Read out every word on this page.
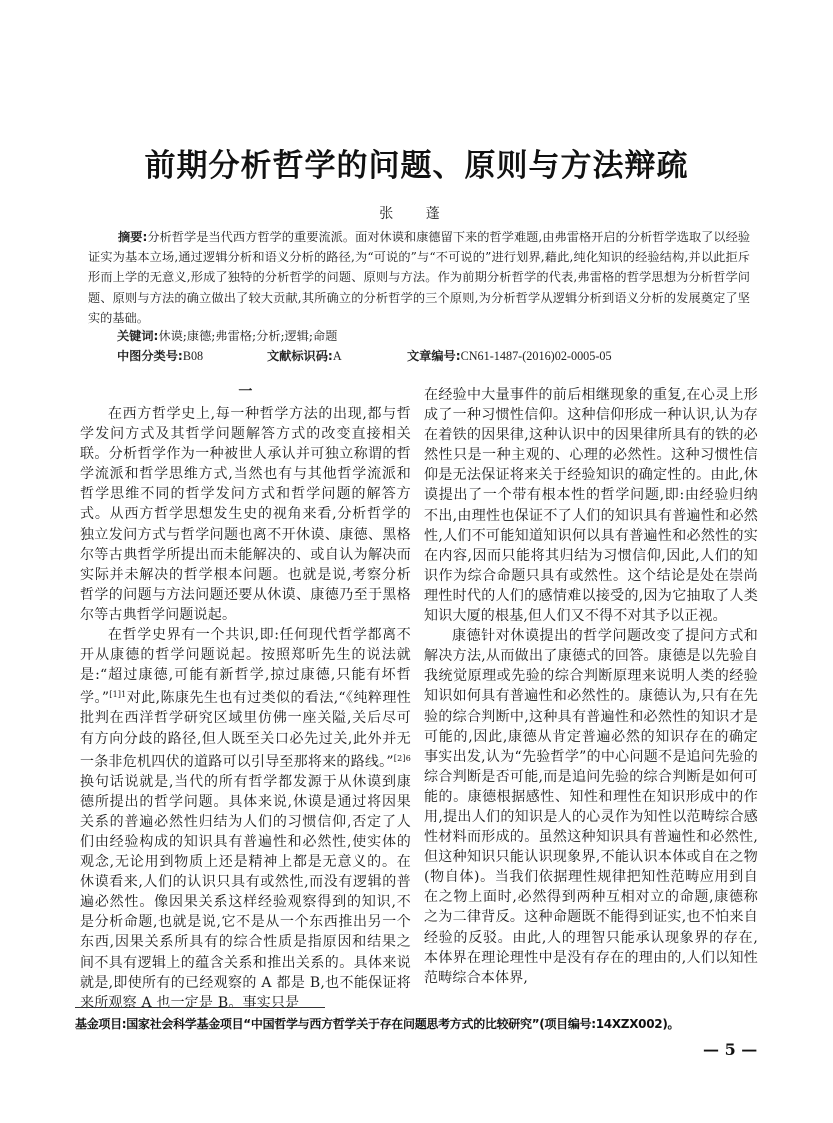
前期分析哲学的问题、原则与方法辩疏
张 蓬
摘要:分析哲学是当代西方哲学的重要流派。面对休谟和康德留下来的哲学难题,由弗雷格开启的分析哲学选取了以经验证实为基本立场,通过逻辑分析和语义分析的路径,为“可说的”与“不可说的”进行划界,藉此,纯化知识的经验结构,并以此拒斥形而上学的无意义,形成了独特的分析哲学的问题、原则与方法。作为前期分析哲学的代表,弗雷格的哲学思想为分析哲学问题、原则与方法的确立做出了较大贡献,其所确立的分析哲学的三个原则,为分析哲学从逻辑分析到语义分析的发展奠定了坚实的基础。
关键词:休谟;康德;弗雷格;分析;逻辑;命题
中图分类号:B08	文献标识码:A	文章编号:CN61-1487-(2016)02-0005-05

一

在西方哲学史上,每一种哲学方法的出现,都与哲学发问方式及其哲学问题解答方式的改变直接相关联。分析哲学作为一种被世人承认并可独立称谓的哲学流派和哲学思维方式,当然也有与其他哲学流派和哲学思维不同的哲学发问方式和哲学问题的解答方式。从西方哲学思想发生史的视角来看,分析哲学的独立发问方式与哲学问题也离不开休谟、康德、黑格尔等古典哲学所提出而未能解决的、或自认为解决而实际并未解决的哲学根本问题。也就是说,考察分析哲学的问题与方法问题还要从休谟、康德乃至于黑格尔等古典哲学问题说起。

在哲学史界有一个共识,即:任何现代哲学都离不开从康德的哲学问题说起。按照郑昕先生的说法就是:“超过康德,可能有新哲学,掠过康德,只能有坏哲学。”$^{[1]1}$对此,陈康先生也有过类似的看法,“《纯粹理性批判在西洋哲学研究区域里仿佛一座关隘,关后尽可有方向分歧的路径,但人既至关口必先过关,此外并无一条非危机四伏的道路可以引导至那将来的路线。”$^{[2]6}$换句话说就是,当代的所有哲学都发源于从休谟到康德所提出的哲学问题。具体来说,休谟是通过将因果关系的普遍必然性归结为人们的习惯信仰,否定了人们由经验构成的知识具有普遍性和必然性,使实体的观念,无论用到物质上还是精神上都是无意义的。在休谟看来,人们的认识只具有或然性,而没有逻辑的普遍必然性。像因果关系这样经验观察得到的知识,不是分析命题,也就是说,它不是从一个东西推出另一个东西,因果关系所具有的综合性质是指原因和结果之间不具有逻辑上的蕴含关系和推出关系的。具体来说就是,即使所有的已经观察的 A 都是 B,也不能保证将来所观察 A 也一定是 B。事实只是

在经验中大量事件的前后相继现象的重复,在心灵上形成了一种习惯性信仰。这种信仰形成一种认识,认为存在着铁的因果律,这种认识中的因果律所具有的铁的必然性只是一种主观的、心理的必然性。这种习惯性信仰是无法保证将来关于经验知识的确定性的。由此,休谟提出了一个带有根本性的哲学问题,即:由经验归纳不出,由理性也保证不了人们的知识具有普遍性和必然性,人们不可能知道知识何以具有普遍性和必然性的实在内容,因而只能将其归结为习惯信仰,因此,人们的知识作为综合命题只具有或然性。这个结论是处在崇尚理性时代的人们的感情难以接受的,因为它抽取了人类知识大厦的根基,但人们又不得不对其予以正视。

康德针对休谟提出的哲学问题改变了提问方式和解决方法,从而做出了康德式的回答。康德是以先验自我统觉原理或先验的综合判断原理来说明人类的经验知识如何具有普遍性和必然性的。康德认为,只有在先验的综合判断中,这种具有普遍性和必然性的知识才是可能的,因此,康德从肯定普遍必然的知识存在的确定事实出发,认为“先验哲学”的中心问题不是追问先验的综合判断是否可能,而是追问先验的综合判断是如何可能的。康德根据感性、知性和理性在知识形成中的作用,提出人们的知识是人的心灵作为知性以范畴综合感性材料而形成的。虽然这种知识具有普遍性和必然性,但这种知识只能认识现象界,不能认识本体或自在之物(物自体)。当我们依据理性规律把知性范畴应用到自在之物上面时,必然得到两种互相对立的命题,康德称之为二律背反。这种命题既不能得到证实,也不怕来自经验的反驳。由此,人的理智只能承认现象界的存在,本体界在理论理性中是没有存在的理由的,人们以知性范畴综合本体界,

基金项目:国家社会科学基金项目“中国哲学与西方哲学关于存在问题思考方式的比较研究”(项目编号:14XZX002)。
— 5 —
